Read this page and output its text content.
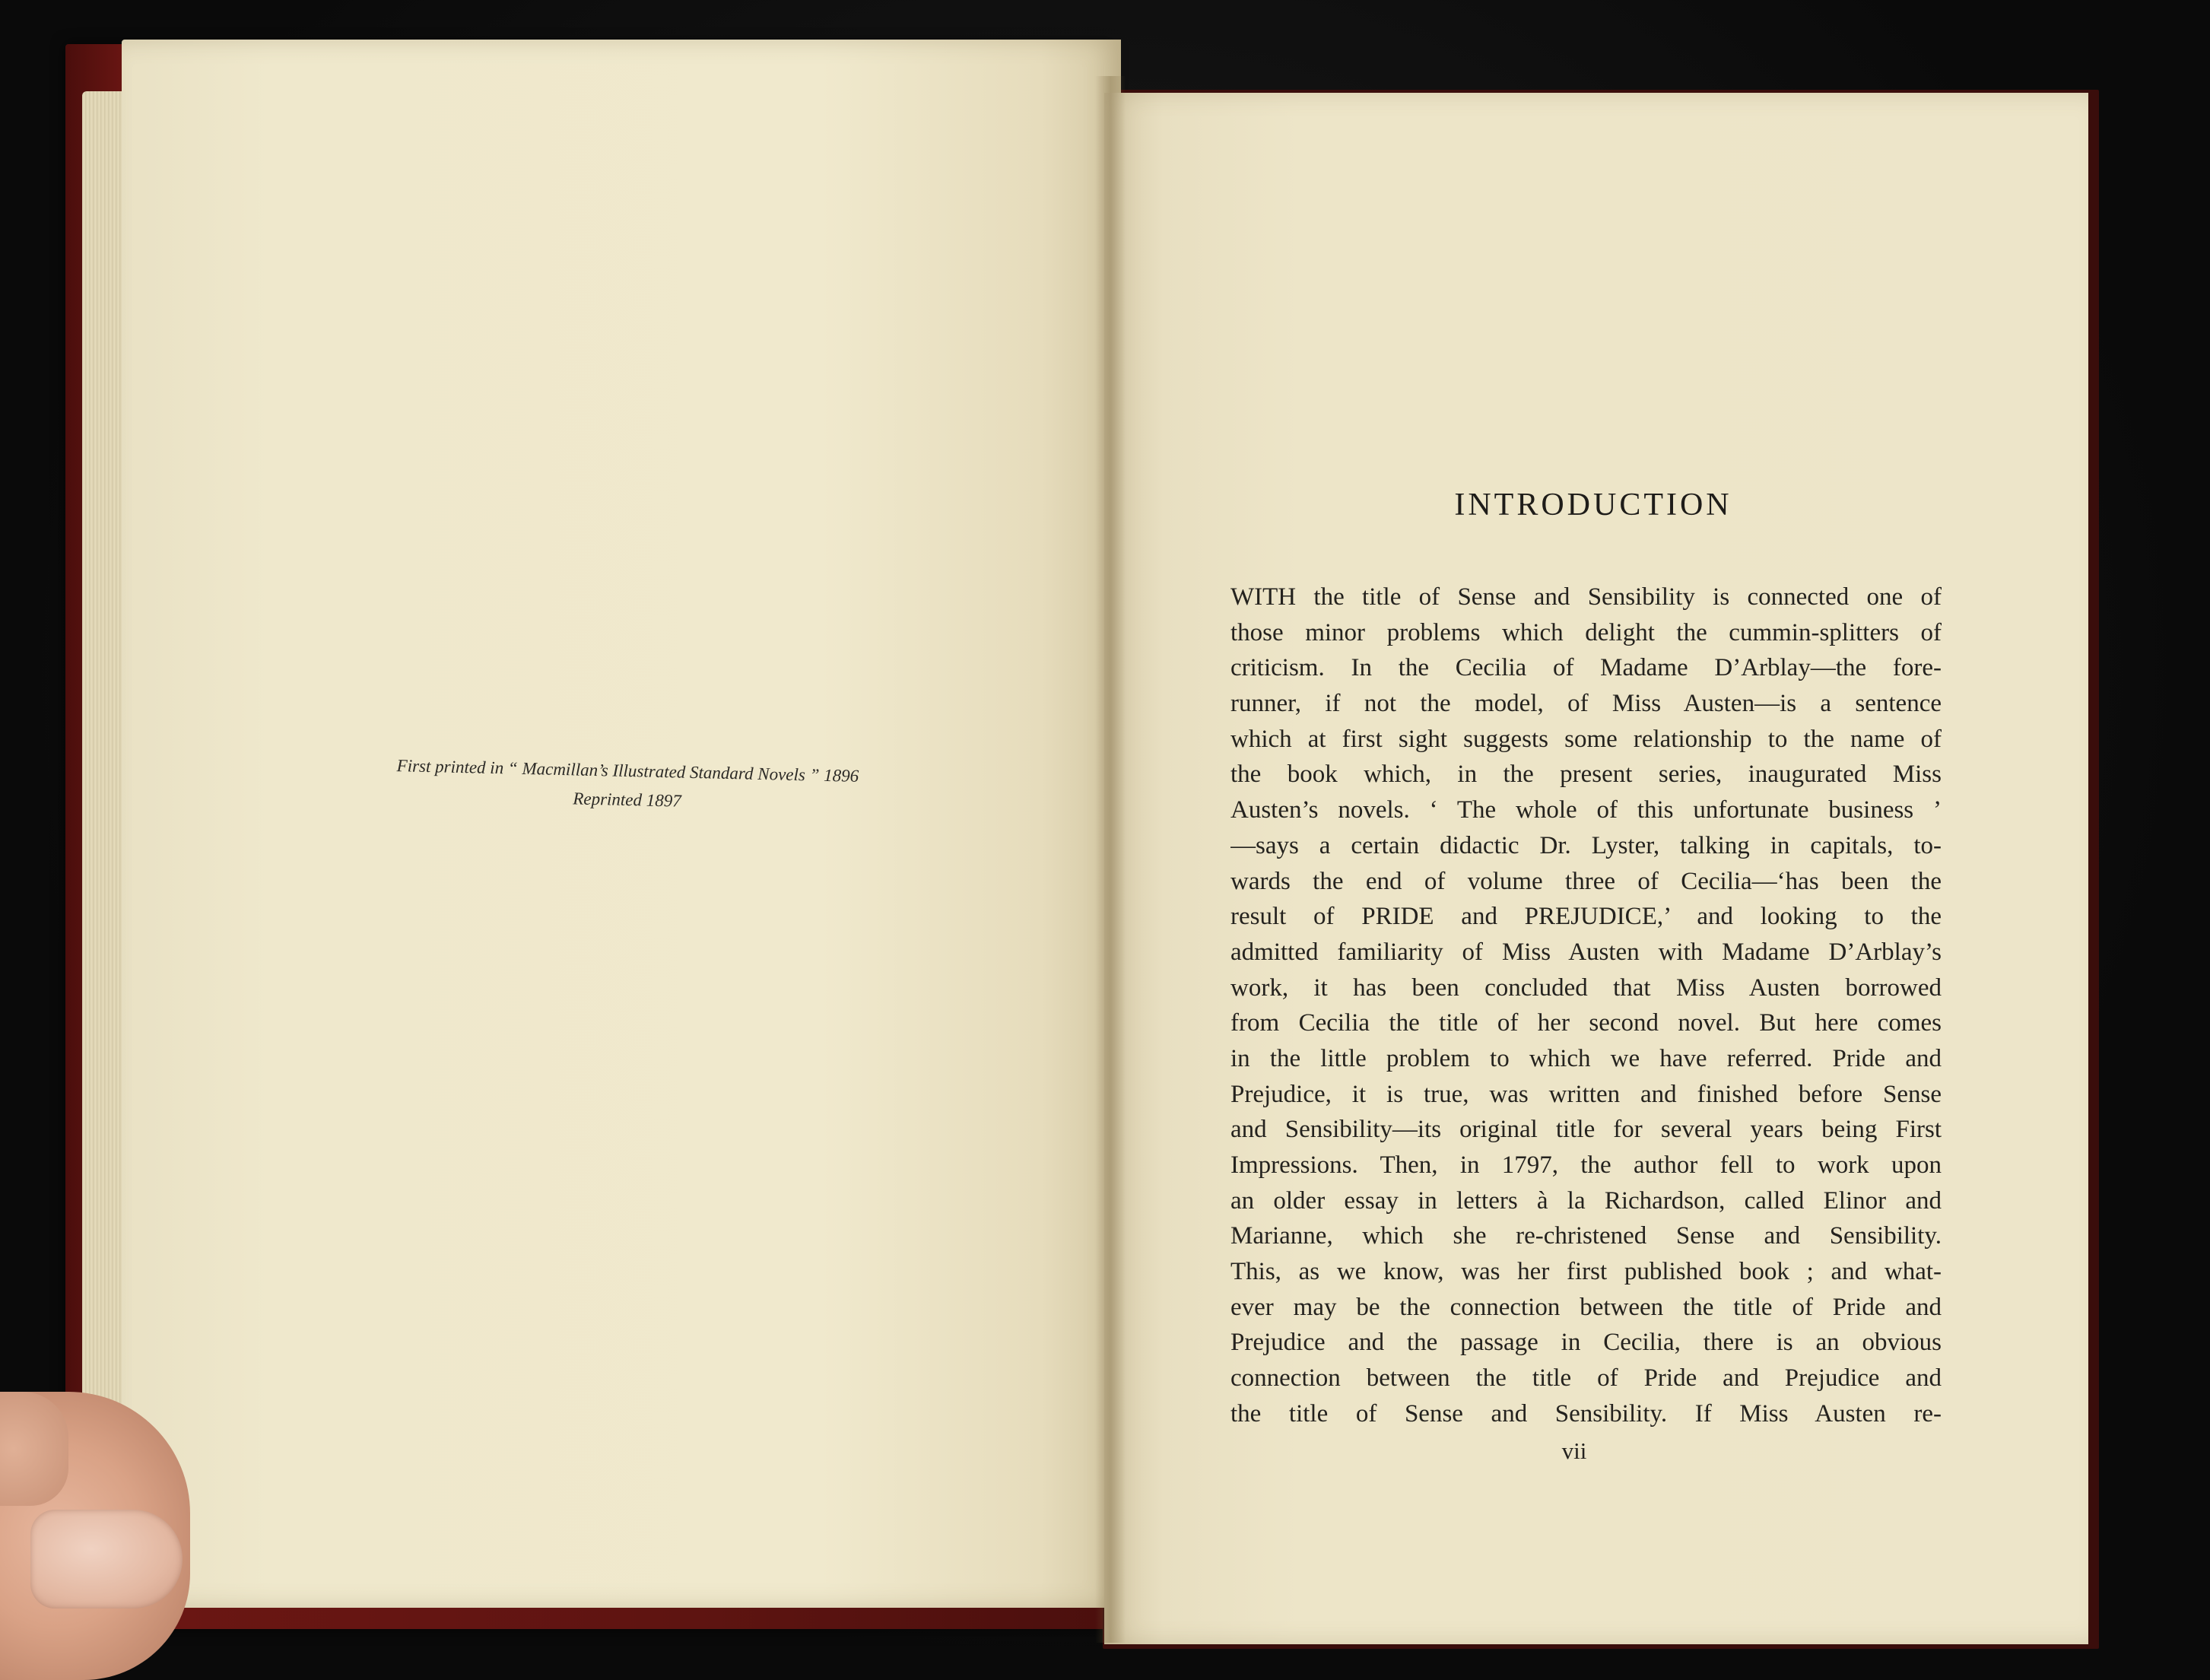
First printed in “ Macmillan’s Illustrated Standard Novels ” 1896
Reprinted 1897
INTRODUCTION
WITH the title of Sense and Sensibility is connected one of
those minor problems which delight the cummin-splitters of
criticism. In the Cecilia of Madame D’Arblay—the fore-
runner, if not the model, of Miss Austen—is a sentence
which at first sight suggests some relationship to the name of
the book which, in the present series, inaugurated Miss
Austen’s novels. ‘ The whole of this unfortunate business ’
—says a certain didactic Dr. Lyster, talking in capitals, to-
wards the end of volume three of Cecilia—‘has been the
result of PRIDE and PREJUDICE,’ and looking to the
admitted familiarity of Miss Austen with Madame D’Arblay’s
work, it has been concluded that Miss Austen borrowed
from Cecilia the title of her second novel. But here comes
in the little problem to which we have referred. Pride and
Prejudice, it is true, was written and finished before Sense
and Sensibility—its original title for several years being First
Impressions. Then, in 1797, the author fell to work upon
an older essay in letters à la Richardson, called Elinor and
Marianne, which she re-christened Sense and Sensibility.
This, as we know, was her first published book ; and what-
ever may be the connection between the title of Pride and
Prejudice and the passage in Cecilia, there is an obvious
connection between the title of Pride and Prejudice and
the title of Sense and Sensibility. If Miss Austen re-
vii
